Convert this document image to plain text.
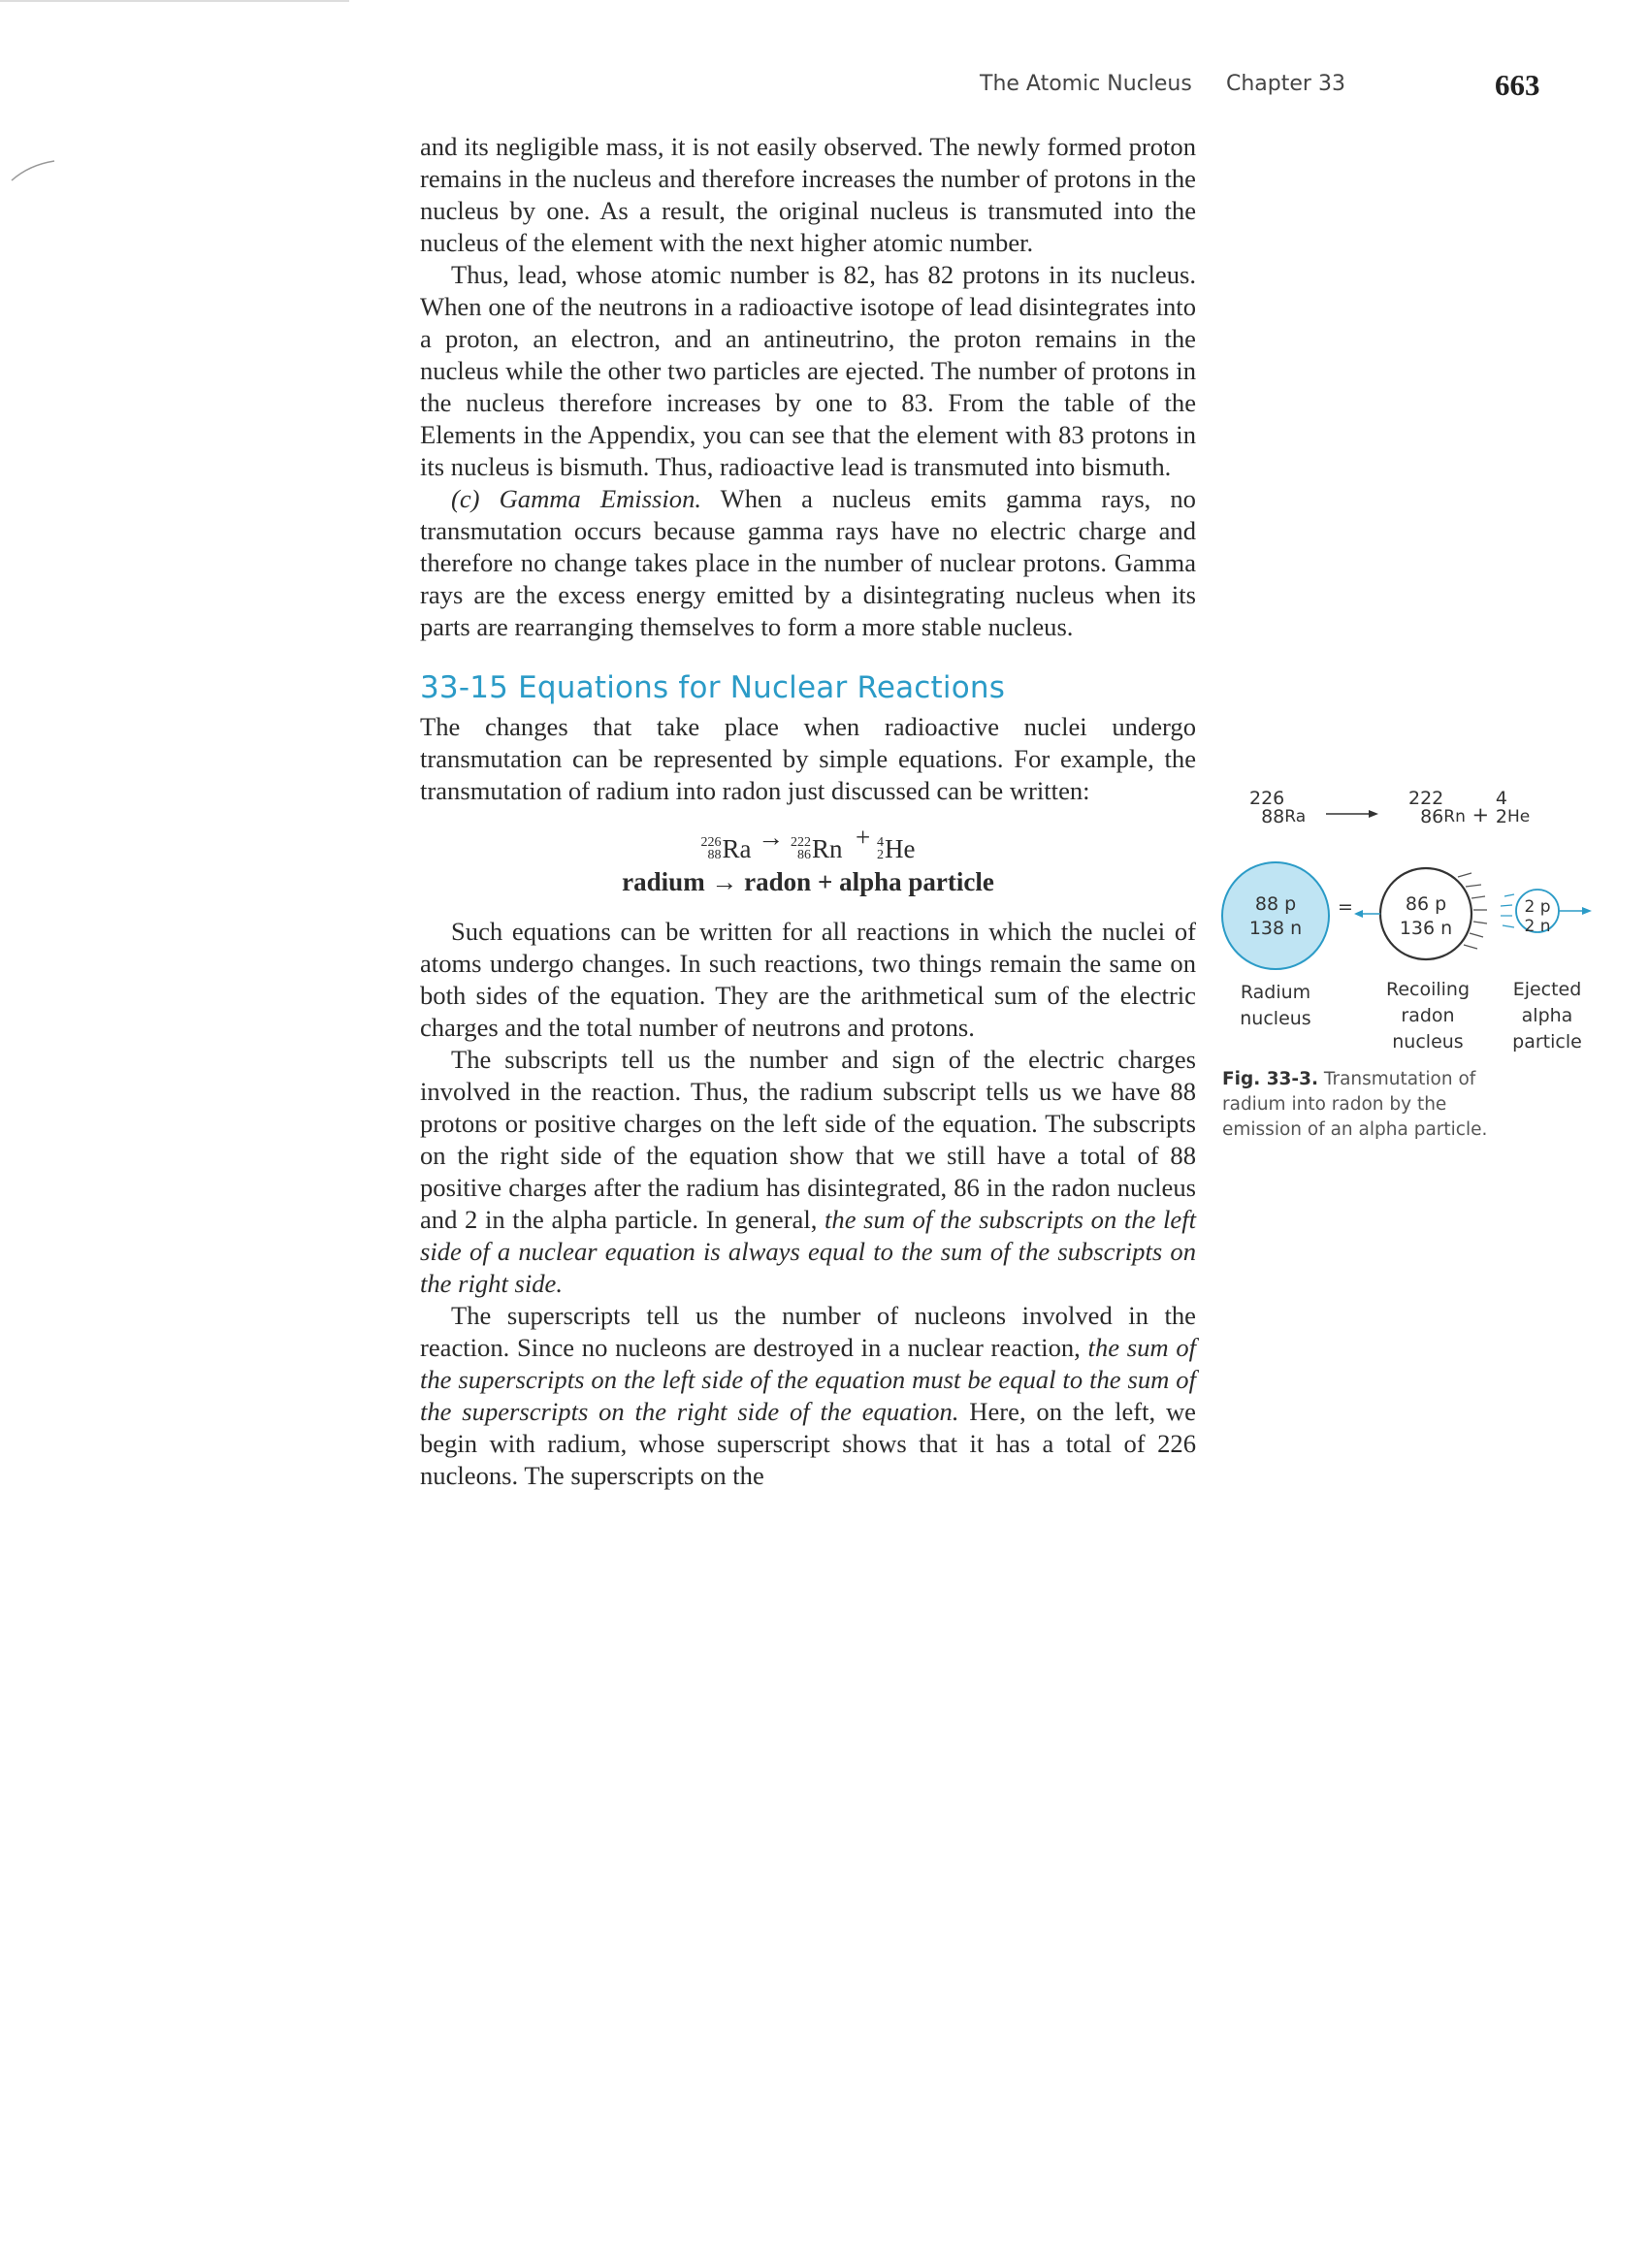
The Atomic Nucleus Chapter 33	663

and its negligible mass, it is not easily observed. The newly formed proton remains in the nucleus and therefore increases the number of protons in the nucleus by one. As a result, the original nucleus is transmuted into the nucleus of the element with the next higher atomic number.

Thus, lead, whose atomic number is 82, has 82 protons in its nucleus. When one of the neutrons in a radioactive isotope of lead disintegrates into a proton, an electron, and an antineutrino, the proton remains in the nucleus while the other two particles are ejected. The number of protons in the nucleus therefore increases by one to 83. From the table of the Elements in the Appendix, you can see that the element with 83 protons in its nucleus is bismuth. Thus, radioactive lead is transmuted into bismuth.

(c) Gamma Emission. When a nucleus emits gamma rays, no transmutation occurs because gamma rays have no electric charge and therefore no change takes place in the number of nuclear protons. Gamma rays are the excess energy emitted by a disintegrating nucleus when its parts are rearranging themselves to form a more stable nucleus.

33-15 Equations for Nuclear Reactions

The changes that take place when radioactive nuclei undergo transmutation can be represented by simple equations. For example, the transmutation of radium into radon just discussed can be written:

226
88 Ra → 222
86 Rn + 4
2 He
radium → radon + alpha particle

Such equations can be written for all reactions in which the nuclei of atoms undergo changes. In such reactions, two things remain the same on both sides of the equation. They are the arithmetical sum of the electric charges and the total number of neutrons and protons.

The subscripts tell us the number and sign of the electric charges involved in the reaction. Thus, the radium subscript tells us we have 88 protons or positive charges on the left side of the equation. The subscripts on the right side of the equation show that we still have a total of 88 positive charges after the radium has disintegrated, 86 in the radon nucleus and 2 in the alpha particle. In general, the sum of the subscripts on the left side of a nuclear equation is always equal to the sum of the subscripts on the right side.

The superscripts tell us the number of nucleons involved in the reaction. Since no nucleons are destroyed in a nuclear reaction, the sum of the superscripts on the left side of the equation must be equal to the sum of the superscripts on the right side of the equation. Here, on the left, we begin with radium, whose superscript shows that it has a total of 226 nucleons. The superscripts on the

226
88 $_{Ra}$
222
86 $_{Rn}$ +
4
2 $_{He}$
88 p
138 n
=	86 p
136 n
2 p
2 n
Radium
nucleus
Recoiling
radon
nucleus
Ejected
alpha
particle
Fig. 33-3. Transmutation of radium into radon by the emission of an alpha particle.
